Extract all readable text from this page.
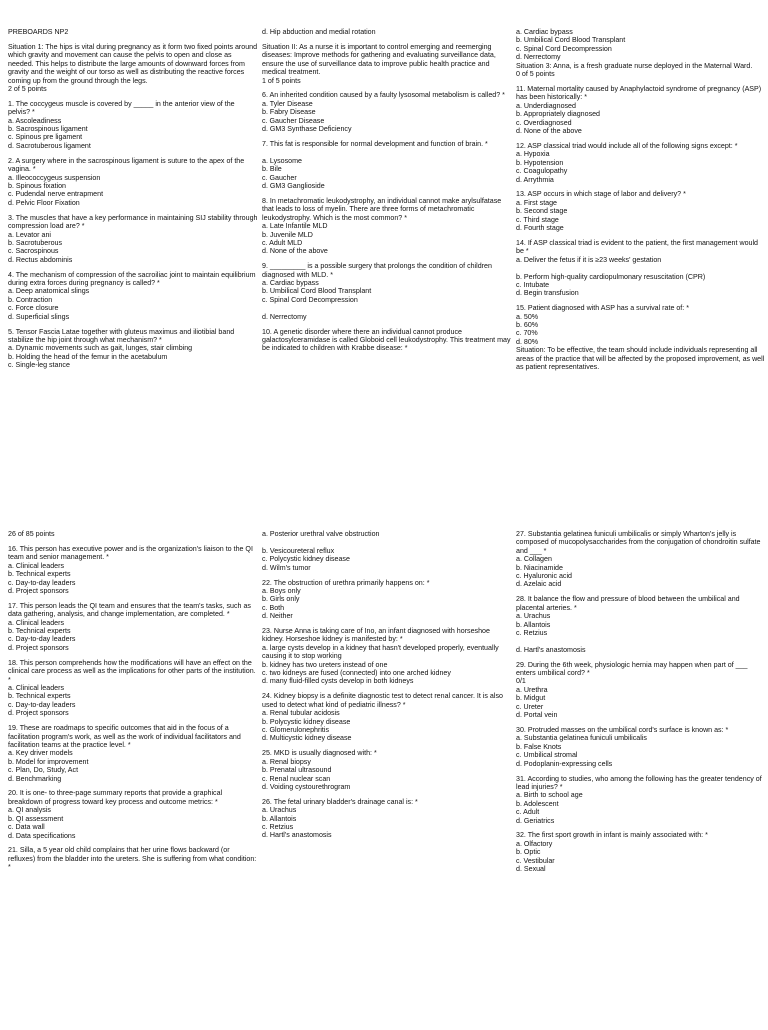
PREBOARDS NP2
Situation 1: The hips is vital during pregnancy as it form two fixed points around which gravity and movement can cause the pelvis to open and close as needed. This helps to distribute the large amounts of downward forces from gravity and the weight of our torso as well as distributing the reactive forces coming up from the ground through the legs.
2 of 5 points
1. The coccygeus muscle is covered by _____ in the anterior view of the pelvis? *
a. Ascoleadiness
b. Sacrospinous ligament
c. Spinous pre ligament
d. Sacrotuberous ligament
2. A surgery where in the sacrospinous ligament is suture to the apex of the vagina. *
a. Illeococcygeus suspension
b. Spinous fixation
c. Pudendal nerve entrapment
d. Pelvic Floor Fixation
3. The muscles that have a key performance in maintaining SIJ stability through compression load are? *
a. Levator ani
b. Sacrotuberous
c. Sacrospinous
d. Rectus abdominis
4. The mechanism of compression of the sacroiliac joint to maintain equilibrium during extra forces during pregnancy is called? *
a. Deep anatomical slings
b. Contraction
c. Force closure
d. Superficial slings
5. Tensor Fascia Latae together with gluteus maximus and iliotibial band stabilize the hip joint through what mechanism? *
a. Dynamic movements such as gait, lunges, stair climbing
b. Holding the head of the femur in the acetabulum
c. Single-leg stance
d. Hip abduction and medial rotation
Situation II: As a nurse it is important to control emerging and reemerging diseases: Improve methods for gathering and evaluating surveillance data, ensure the use of surveillance data to improve public health practice and medical treatment.
1 of 5 points
6. An inherited condition caused by a faulty lysosomal metabolism is called? *
a. Tyler Disease
b. Fabry Disease
c. Gaucher Disease
d. GM3 Synthase Deficiency
7. This fat is responsible for normal development and function of brain. *
a. Lysosome
b. Bile
c. Gaucher
d. GM3 Ganglioside
8. In metachromatic leukodystrophy, an individual cannot make arylsulfatase that leads to loss of myelin. There are three forms of metachromatic leukodystrophy. Which is the most common? *
a. Late Infantile MLD
b. Juvenile MLD
c. Adult MLD
d. None of the above
9. _________ is a possible surgery that prolongs the condition of children diagnosed with MLD. *
a. Cardiac bypass
b. Umbilical Cord Blood Transplant
c. Spinal Cord Decompression
d. Nerrectomy
10. A genetic disorder where there an individual cannot produce galactosylceramidase is called Globoid cell leukodystrophy. This treatment may be indicated to children with Krabbe disease: *
a. Cardiac bypass
b. Umbilical Cord Blood Transplant
c. Spinal Cord Decompression
d. Nerrectomy
Situation 3: Anna, is a fresh graduate nurse deployed in the Maternal Ward.
0 of 5 points
11. Maternal mortality caused by Anaphylactoid syndrome of pregnancy (ASP) has been historically: *
a. Underdiagnosed
b. Appropriately diagnosed
c. Overdiagnosed
d. None of the above
12. ASP classical triad would include all of the following signs except: *
a. Hypoxia
b. Hypotension
c. Coagulopathy
d. Arrythmia
13. ASP occurs in which stage of labor and delivery? *
a. First stage
b. Second stage
c. Third stage
d. Fourth stage
14. If ASP classical triad is evident to the patient, the first management would be *
a. Deliver the fetus if it is ≥23 weeks' gestation
b. Perform high-quality cardiopulmonary resuscitation (CPR)
c. Intubate
d. Begin transfusion
15. Patient diagnosed with ASP has a survival rate of: *
a. 50%
b. 60%
c. 70%
d. 80%
Situation: To be effective, the team should include individuals representing all areas of the practice that will be affected by the proposed improvement, as well as patient representatives.
26 of 85 points
16. This person has executive power and is the organization's liaison to the QI team and senior management. *
a. Clinical leaders
b. Technical experts
c. Day-to-day leaders
d. Project sponsors
17. This person leads the QI team and ensures that the team's tasks, such as data gathering, analysis, and change implementation, are completed. *
a. Clinical leaders
b. Technical experts
c. Day-to-day leaders
d. Project sponsors
18. This person comprehends how the modifications will have an effect on the clinical care process as well as the implications for other parts of the institution. *
a. Clinical leaders
b. Technical experts
c. Day-to-day leaders
d. Project sponsors
19. These are roadmaps to specific outcomes that aid in the focus of a facilitation program's work, as well as the work of individual facilitators and facilitation teams at the practice level. *
a. Key driver models
b. Model for improvement
c. Plan, Do, Study, Act
d. Benchmarking
20. It is one- to three-page summary reports that provide a graphical breakdown of progress toward key process and outcome metrics: *
a. QI analysis
b. QI assessment
c. Data wall
d. Data specifications
21. Silla, a 5 year old child complains that her urine flows backward (or refluxes) from the bladder into the ureters. She is suffering from what condition: *
a. Posterior urethral valve obstruction
b. Vesicoureteral reflux
c. Polycystic kidney disease
d. Wilm's tumor
22. The obstruction of urethra primarily happens on: *
a. Boys only
b. Girls only
c. Both
d. Neither
23. Nurse Anna is taking care of Ino, an infant diagnosed with horseshoe kidney. Horseshoe kidney is manifested by: *
a. large cysts develop in a kidney that hasn't developed properly, eventually causing it to stop working
b. kidney has two ureters instead of one
c. two kidneys are fused (connected) into one arched kidney
d. many fluid-filled cysts develop in both kidneys
24. Kidney biopsy is a definite diagnostic test to detect renal cancer. It is also used to detect what kind of pediatric illness? *
a. Renal tubular acidosis
b. Polycystic kidney disease
c. Glomerulonephritis
d. Multicystic kidney disease
25. MKD is usually diagnosed with: *
a. Renal biopsy
b. Prenatal ultrasound
c. Renal nuclear scan
d. Voiding cystourethrogram
26. The fetal urinary bladder's drainage canal is: *
a. Urachus
b. Allantois
c. Retzius
d. Hartl's anastomosis
27. Substantia gelatinea funiculi umbilicalis or simply Wharton's jelly is composed of mucopolysaccharides from the conjugation of chondroitin sulfate and ___ *
a. Collagen
b. Niacinamide
c. Hyaluronic acid
d. Azelaic acid
28. It balance the flow and pressure of blood between the umbilical and placental arteries. *
a. Urachus
b. Allantois
c. Retzius
d. Hartl's anastomosis
29. During the 6th week, physiologic hernia may happen when part of ___ enters umbilical cord? *
0/1
a. Urethra
b. Midgut
c. Ureter
d. Portal vein
30. Protruded masses on the umbilical cord's surface is known as: *
a. Substantia gelatinea funiculi umbilicalis
b. False Knots
c. Umbilical stromal
d. Podoplanin-expressing cells
31. According to studies, who among the following has the greater tendency of lead injuries? *
a. Birth to school age
b. Adolescent
c. Adult
d. Geriatrics
32. The first sport growth in infant is mainly associated with: *
a. Olfactory
b. Optic
c. Vestibular
d. Sexual
